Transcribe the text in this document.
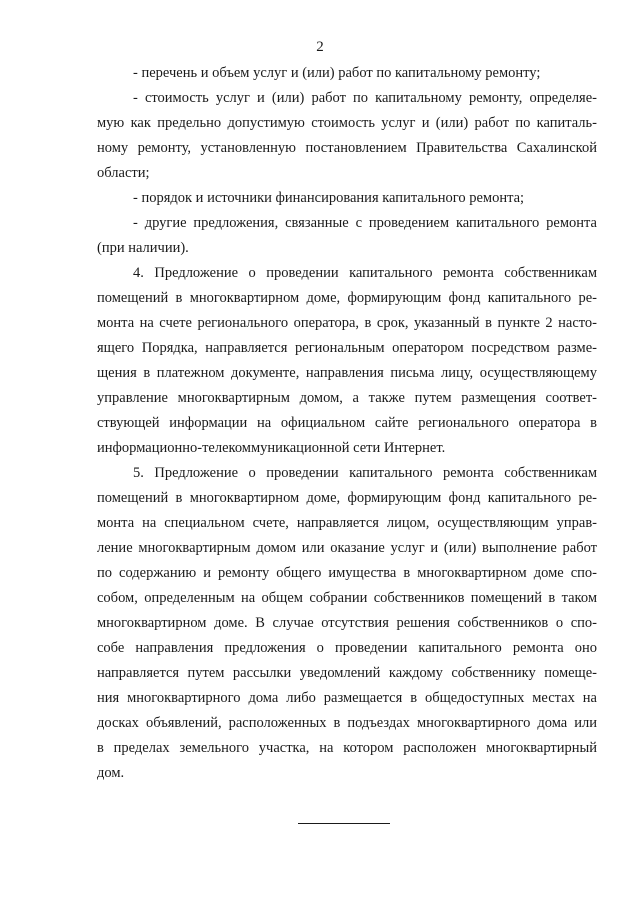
2
- перечень и объем услуг и (или) работ по капитальному ремонту;
- стоимость услуг и (или) работ по капитальному ремонту, определяе-
мую как предельно допустимую стоимость услуг и (или) работ по капиталь-
ному ремонту, установленную постановлением Правительства Сахалинской
области;
- порядок и источники финансирования капитального ремонта;
- другие предложения, связанные с проведением капитального ремонта
(при наличии).
4. Предложение о проведении капитального ремонта собственникам
помещений в многоквартирном доме, формирующим фонд капитального ре-
монта на счете регионального оператора, в срок, указанный в пункте 2 насто-
ящего Порядка, направляется региональным оператором посредством разме-
щения в платежном документе, направления письма лицу, осуществляющему
управление многоквартирным домом, а также путем размещения соответ-
ствующей информации на официальном сайте регионального оператора в
информационно-телекоммуникационной сети Интернет.
5. Предложение о проведении капитального ремонта собственникам
помещений в многоквартирном доме, формирующим фонд капитального ре-
монта на специальном счете, направляется лицом, осуществляющим управ-
ление многоквартирным домом или оказание услуг и (или) выполнение работ
по содержанию и ремонту общего имущества в многоквартирном доме спо-
собом, определенным на общем собрании собственников помещений в таком
многоквартирном доме. В случае отсутствия решения собственников о спо-
собе направления предложения о проведении капитального ремонта оно
направляется путем рассылки уведомлений каждому собственнику помеще-
ния многоквартирного дома либо размещается в общедоступных местах на
досках объявлений, расположенных в подъездах многоквартирного дома или
в пределах земельного участка, на котором расположен многоквартирный
дом.
